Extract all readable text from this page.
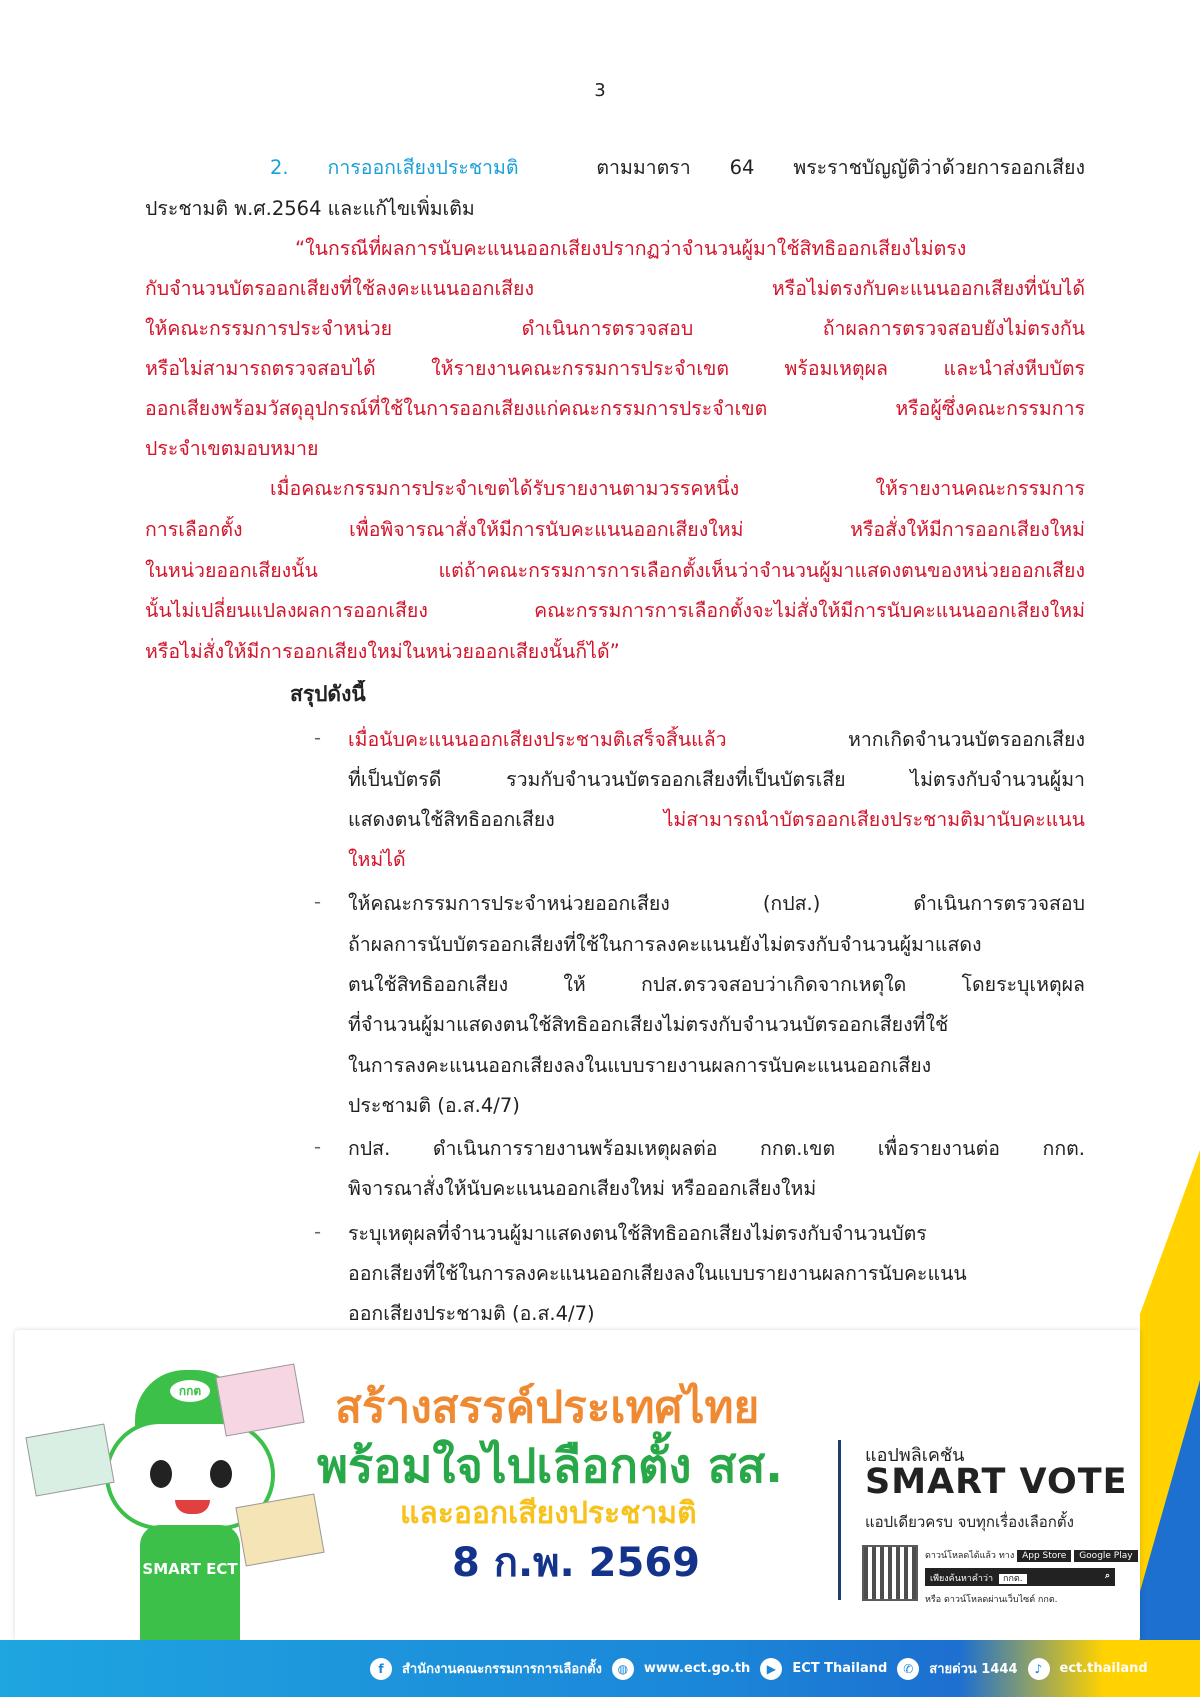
3
2. การออกเสียงประชามติ	ตามมาตรา 64 พระราชบัญญัติว่าด้วยการออกเสียง
ประชามติ พ.ศ.2564 และแก้ไขเพิ่มเติม
“ในกรณีที่ผลการนับคะแนนออกเสียงปรากฏว่าจำนวนผู้มาใช้สิทธิออกเสียงไม่ตรง
กับจำนวนบัตรออกเสียงที่ใช้ลงคะแนนออกเสียง หรือไม่ตรงกับคะแนนออกเสียงที่นับได้
ให้คณะกรรมการประจำหน่วย ดำเนินการตรวจสอบ ถ้าผลการตรวจสอบยังไม่ตรงกัน
หรือไม่สามารถตรวจสอบได้ ให้รายงานคณะกรรมการประจำเขต พร้อมเหตุผล และนำส่งหีบบัตร
ออกเสียงพร้อมวัสดุอุปกรณ์ที่ใช้ในการออกเสียงแก่คณะกรรมการประจำเขต หรือผู้ซึ่งคณะกรรมการ
ประจำเขตมอบหมาย
เมื่อคณะกรรมการประจำเขตได้รับรายงานตามวรรคหนึ่ง ให้รายงานคณะกรรมการ
การเลือกตั้ง เพื่อพิจารณาสั่งให้มีการนับคะแนนออกเสียงใหม่ หรือสั่งให้มีการออกเสียงใหม่
ในหน่วยออกเสียงนั้น แต่ถ้าคณะกรรมการการเลือกตั้งเห็นว่าจำนวนผู้มาแสดงตนของหน่วยออกเสียง
นั้นไม่เปลี่ยนแปลงผลการออกเสียง คณะกรรมการการเลือกตั้งจะไม่สั่งให้มีการนับคะแนนออกเสียงใหม่
หรือไม่สั่งให้มีการออกเสียงใหม่ในหน่วยออกเสียงนั้นก็ได้”
สรุปดังนี้
- เมื่อนับคะแนนออกเสียงประชามติเสร็จสิ้นแล้ว หากเกิดจำนวนบัตรออกเสียง
ที่เป็นบัตรดี รวมกับจำนวนบัตรออกเสียงที่เป็นบัตรเสีย ไม่ตรงกับจำนวนผู้มา
แสดงตนใช้สิทธิออกเสียง ไม่สามารถนำบัตรออกเสียงประชามติมานับคะแนน
ใหม่ได้
- ให้คณะกรรมการประจำหน่วยออกเสียง (กปส.) ดำเนินการตรวจสอบ
ถ้าผลการนับบัตรออกเสียงที่ใช้ในการลงคะแนนยังไม่ตรงกับจำนวนผู้มาแสดง
ตนใช้สิทธิออกเสียง ให้ กปส.ตรวจสอบว่าเกิดจากเหตุใด โดยระบุเหตุผล
ที่จำนวนผู้มาแสดงตนใช้สิทธิออกเสียงไม่ตรงกับจำนวนบัตรออกเสียงที่ใช้
ในการลงคะแนนออกเสียงลงในแบบรายงานผลการนับคะแนนออกเสียง
ประชามติ (อ.ส.4/7)
- กปส. ดำเนินการรายงานพร้อมเหตุผลต่อ กกต.เขต เพื่อรายงานต่อ กกต.
พิจารณาสั่งให้นับคะแนนออกเสียงใหม่ หรือออกเสียงใหม่
- ระบุเหตุผลที่จำนวนผู้มาแสดงตนใช้สิทธิออกเสียงไม่ตรงกับจำนวนบัตร
ออกเสียงที่ใช้ในการลงคะแนนออกเสียงลงในแบบรายงานผลการนับคะแนน
ออกเสียงประชามติ (อ.ส.4/7)
กกต
SMART ECT
สร้างสรรค์ประเทศไทย
พร้อมใจไปเลือกตั้ง สส.
และออกเสียงประชามติ
8 ก.พ. 2569
แอปพลิเคชัน
SMART VOTE
แอปเดียวครบ จบทุกเรื่องเลือกตั้ง
ดาวน์โหลดได้แล้ว ทาง App Store Google Play
เพียงค้นหาคำว่า กกต.	⌕
หรือ ดาวน์โหลดผ่านเว็บไซต์ กกต.
f	สำนักงานคณะกรรมการการเลือกตั้ง	◍	www.ect.go.th	▶	ECT Thailand	✆	สายด่วน 1444	♪	ect.thailand
